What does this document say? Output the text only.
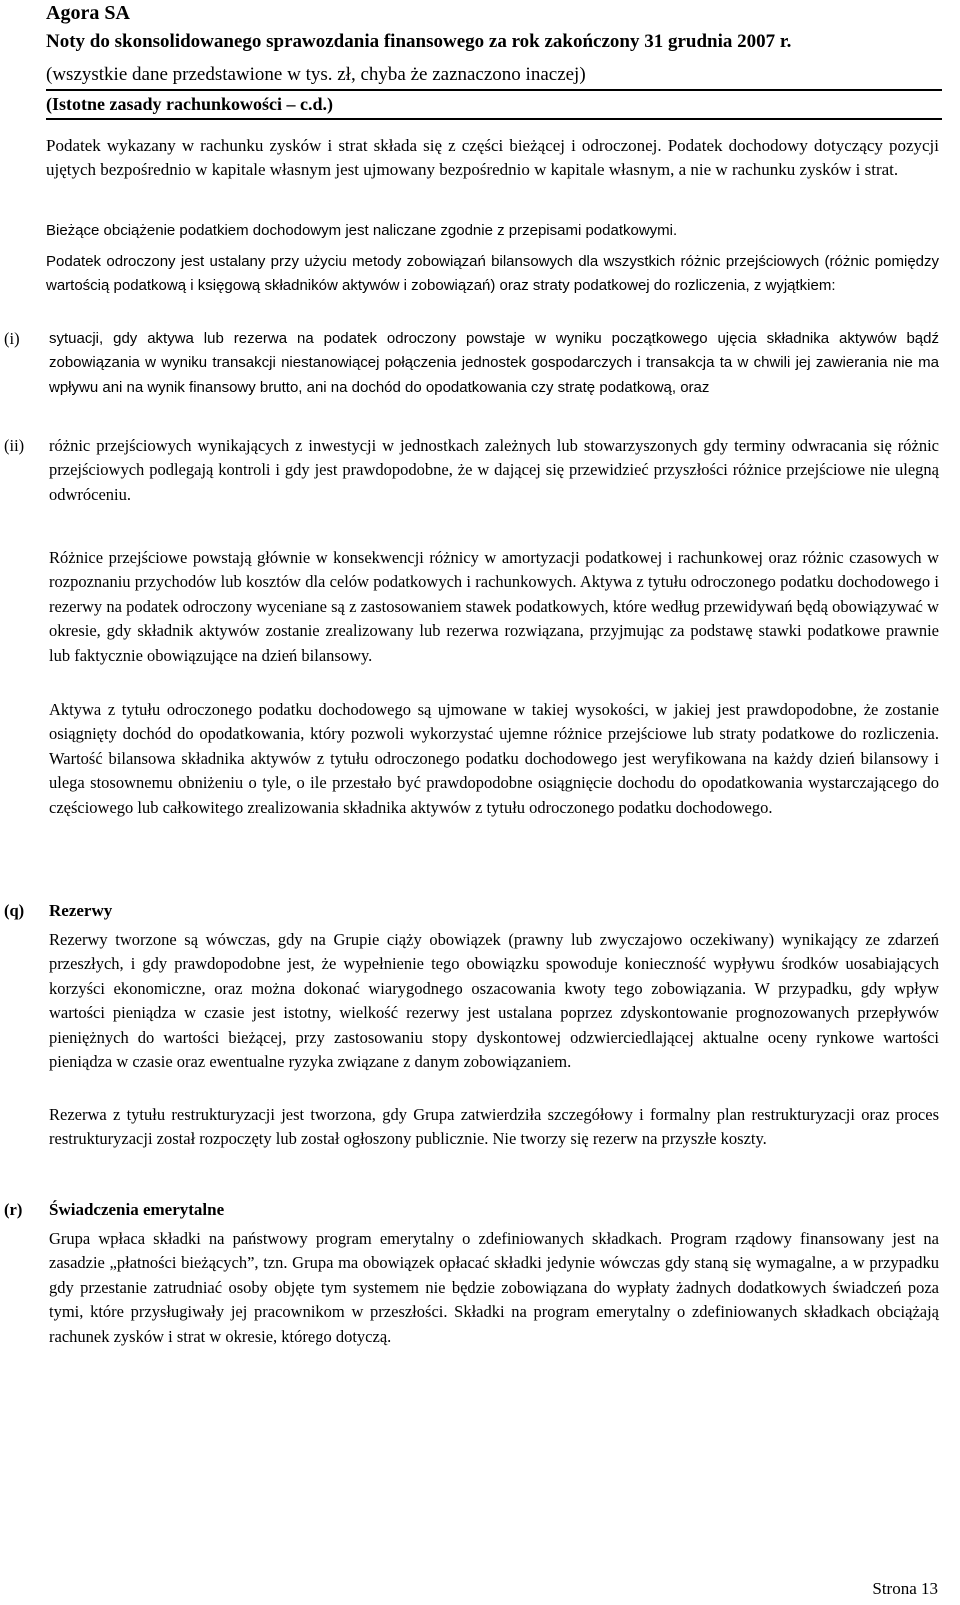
Agora SA
Noty do skonsolidowanego sprawozdania finansowego za rok zakończony 31 grudnia 2007 r.
(wszystkie dane przedstawione w tys. zł, chyba że zaznaczono inaczej)
(Istotne zasady rachunkowości – c.d.)
Podatek wykazany w rachunku zysków i strat składa się z części bieżącej i odroczonej. Podatek dochodowy dotyczący pozycji ujętych bezpośrednio w kapitale własnym jest ujmowany bezpośrednio w kapitale własnym, a nie w rachunku zysków i strat.
Bieżące obciążenie podatkiem dochodowym jest naliczane zgodnie z przepisami podatkowymi.
Podatek odroczony jest ustalany przy użyciu metody zobowiązań bilansowych dla wszystkich różnic przejściowych (różnic pomiędzy wartością podatkową i księgową składników aktywów i zobowiązań) oraz straty podatkowej do rozliczenia, z wyjątkiem:
(i) sytuacji, gdy aktywa lub rezerwa na podatek odroczony powstaje w wyniku początkowego ujęcia składnika aktywów bądź zobowiązania w wyniku transakcji niestanowiącej połączenia jednostek gospodarczych i transakcja ta w chwili jej zawierania nie ma wpływu ani na wynik finansowy brutto, ani na dochód do opodatkowania czy stratę podatkową, oraz
(ii) różnic przejściowych wynikających z inwestycji w jednostkach zależnych lub stowarzyszonych gdy terminy odwracania się różnic przejściowych podlegają kontroli i gdy jest prawdopodobne, że w dającej się przewidzieć przyszłości różnice przejściowe nie ulegną odwróceniu.
Różnice przejściowe powstają głównie w konsekwencji różnicy w amortyzacji podatkowej i rachunkowej oraz różnic czasowych w rozpoznaniu przychodów lub kosztów dla celów podatkowych i rachunkowych. Aktywa z tytułu odroczonego podatku dochodowego i rezerwy na podatek odroczony wyceniane są z zastosowaniem stawek podatkowych, które według przewidywań będą obowiązywać w okresie, gdy składnik aktywów zostanie zrealizowany lub rezerwa rozwiązana, przyjmując za podstawę stawki podatkowe prawnie lub faktycznie obowiązujące na dzień bilansowy.
Aktywa z tytułu odroczonego podatku dochodowego są ujmowane w takiej wysokości, w jakiej jest prawdopodobne, że zostanie osiągnięty dochód do opodatkowania, który pozwoli wykorzystać ujemne różnice przejściowe lub straty podatkowe do rozliczenia. Wartość bilansowa składnika aktywów z tytułu odroczonego podatku dochodowego jest weryfikowana na każdy dzień bilansowy i ulega stosownemu obniżeniu o tyle, o ile przestało być prawdopodobne osiągnięcie dochodu do opodatkowania wystarczającego do częściowego lub całkowitego zrealizowania składnika aktywów z tytułu odroczonego podatku dochodowego.
(q) Rezerwy
Rezerwy tworzone są wówczas, gdy na Grupie ciąży obowiązek (prawny lub zwyczajowo oczekiwany) wynikający ze zdarzeń przeszłych, i gdy prawdopodobne jest, że wypełnienie tego obowiązku spowoduje konieczność wypływu środków uosabiających korzyści ekonomiczne, oraz można dokonać wiarygodnego oszacowania kwoty tego zobowiązania. W przypadku, gdy wpływ wartości pieniądza w czasie jest istotny, wielkość rezerwy jest ustalana poprzez zdyskontowanie prognozowanych przepływów pieniężnych do wartości bieżącej, przy zastosowaniu stopy dyskontowej odzwierciedlającej aktualne oceny rynkowe wartości pieniądza w czasie oraz ewentualne ryzyka związane z danym zobowiązaniem.
Rezerwa z tytułu restrukturyzacji jest tworzona, gdy Grupa zatwierdziła szczegółowy i formalny plan restrukturyzacji oraz proces restrukturyzacji został rozpoczęty lub został ogłoszony publicznie. Nie tworzy się rezerw na przyszłe koszty.
(r) Świadczenia emerytalne
Grupa wpłaca składki na państwowy program emerytalny o zdefiniowanych składkach. Program rządowy finansowany jest na zasadzie „płatności bieżących”, tzn. Grupa ma obowiązek opłacać składki jedynie wówczas gdy staną się wymagalne, a w przypadku gdy przestanie zatrudniać osoby objęte tym systemem nie będzie zobowiązana do wypłaty żadnych dodatkowych świadczeń poza tymi, które przysługiwały jej pracownikom w przeszłości. Składki na program emerytalny o zdefiniowanych składkach obciążają rachunek zysków i strat w okresie, którego dotyczą.
Strona 13
